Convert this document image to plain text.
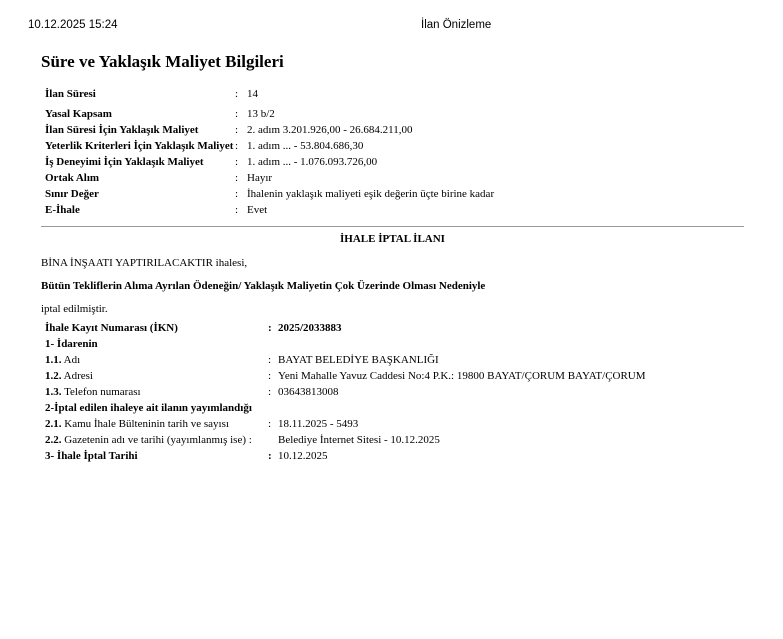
10.12.2025 15:24	İlan Önizleme
Süre ve Yaklaşık Maliyet Bilgileri
İlan Süresi	: 14
Yasal Kapsam	: 13 b/2
İlan Süresi İçin Yaklaşık Maliyet	: 2. adım 3.201.926,00 - 26.684.211,00
Yeterlik Kriterleri İçin Yaklaşık Maliyet : 1. adım ... - 53.804.686,30
İş Deneyimi İçin Yaklaşık Maliyet	: 1. adım ... - 1.076.093.726,00
Ortak Alım	: Hayır
Sınır Değer	: İhalenin yaklaşık maliyeti eşik değerin üçte birine kadar
E-İhale	: Evet
İHALE İPTAL İLANI
BİNA İNŞAATI YAPTIRILACAKTIR ihalesi,
Bütün Tekliflerin Alıma Ayrılan Ödeneğin/ Yaklaşık Maliyetin Çok Üzerinde Olması Nedeniyle
iptal edilmiştir.
İhale Kayıt Numarası (İKN)	: 2025/2033883
1- İdarenin
1.1. Adı	: BAYAT BELEDİYE BAŞKANLIĞI
1.2. Adresi	: Yeni Mahalle Yavuz Caddesi No:4 P.K.: 19800 BAYAT/ÇORUM BAYAT/ÇORUM
1.3. Telefon numarası	: 03643813008
2-İptal edilen ihaleye ait ilanın yayımlandığı
2.1. Kamu İhale Bülteninin tarih ve sayısı	: 18.11.2025 - 5493
2.2. Gazetenin adı ve tarihi (yayımlanmış ise) : Belediye İnternet Sitesi - 10.12.2025
3- İhale İptal Tarihi	: 10.12.2025
